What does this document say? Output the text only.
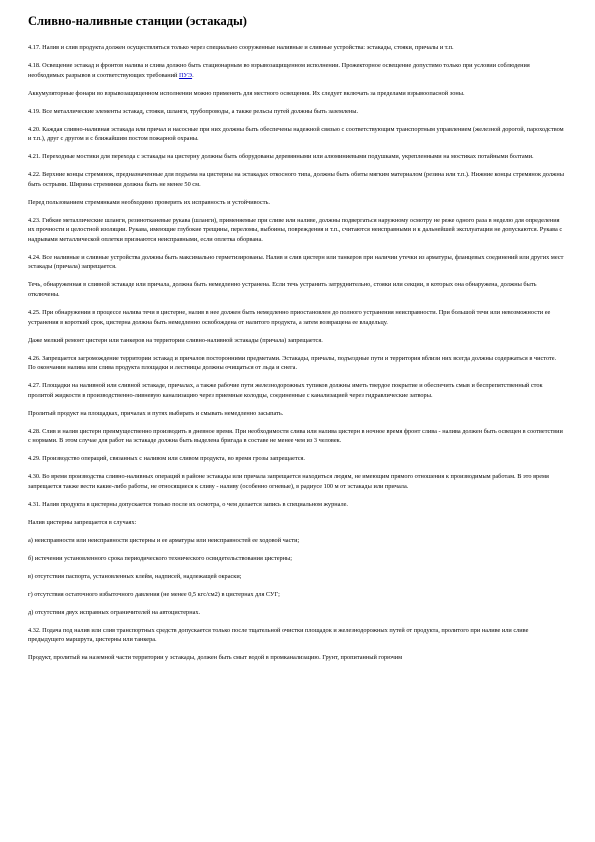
Сливно-наливные станции (эстакады)

4.17. Налив и слив продукта должен осуществляться только через специально сооруженные наливные и сливные устройства: эстакады, стояки, причалы и т.п.

4.18. Освещение эстакад и фронтов налива и слива должно быть стационарным во взрывозащищенном исполнении. Прожекторное освещение допустимо только при условии соблюдения необходимых разрывов и соответствующих требований ПУЭ.

Аккумуляторные фонари во взрывозащищенном исполнении можно применять для местного освещения. Их следует включать за пределами взрывоопасной зоны.

4.19. Все металлические элементы эстакад, стояки, шланги, трубопроводы, а также рельсы путей должны быть заземлены.

4.20. Каждая сливно-наливная эстакада или причал и насосные при них должны быть обеспечены надежной связью с соответствующим транспортным управлением (железной дорогой, пароходством и т.п.), друг с другом и с ближайшим постом пожарной охраны.

4.21. Переходные мостики для перехода с эстакады на цистерну должны быть оборудованы деревянными или алюминиевыми подушками, укрепленными на мостиках потайными болтами.

4.22. Верхние концы стремянок, предназначенные для подъема на цистерны на эстакадах откосного типа, должны быть обиты мягким материалом (резина или т.п.). Нижние концы стремянок должны быть острыми. Ширина стремянки должна быть не менее 50 см.

Перед пользованием стремянками необходимо проверить их исправность и устойчивость.

4.23. Гибкие металлические шланги, резинотканевые рукава (шланги), применяемые при сливе или наливе, должны подвергаться наружному осмотру не реже одного раза в неделю для определения их прочности и целостной изоляции. Рукава, имеющие глубокие трещины, переломы, выбоины, повреждения и т.п., считаются неисправными и к дальнейшей эксплуатации не допускаются. Рукава с надрывами металлической оплетки признаются неисправными, если оплетка оборвана.

4.24. Все наливные и сливные устройства должны быть максимально герметизированы. Налив и слив цистерн или танкеров при наличии утечки из арматуры, фланцевых соединений или других мест эстакады (причала) запрещается.

Течь, обнаруженная в сливной эстакаде или причала, должна быть немедленно устранена. Если течь устранить затруднительно, стояки или секции, в которых она обнаружена, должны быть отключены.

4.25. При обнаружении в процессе налива течи в цистерне, налив в нее должен быть немедленно приостановлен до полного устранения неисправности. При большой течи или невозможности ее устранения в короткий срок, цистерна должна быть немедленно освобождена от налитого продукта, а затем возвращена ее владельцу.

Даже мелкий ремонт цистерн или танкеров на территории сливно-наливной эстакады (причала) запрещается.

4.26. Запрещается загромождение территории эстакад и причалов посторонними предметами. Эстакады, причалы, подъездные пути и территория вблизи них всегда должны содержаться в чистоте. По окончании налива или слива продукта площадки и лестницы должны очищаться от льда и снега.

4.27. Площадки на наливной или сливной эстакаде, причалах, а также рабочие пути железнодорожных тупиков должны иметь твердое покрытие и обеспечить смыв и беспрепятственный сток пролитой жидкости в производственно-ливневую канализацию через приемные колодцы, соединенные с канализацией через гидравлические затворы.

Пролитый продукт на площадках, причалах и путях выбирать и смывать немедленно засыпать.

4.28. Слив и налив цистерн преимущественно производить в дневное время. При необходимости слива или налива цистерн в ночное время фронт слива - налива должен быть освещен в соответствии с нормами. В этом случае для работ на эстакаде должна быть выделена бригада в составе не менее чем из 3 человек.

4.29. Производство операций, связанных с наливом или сливом продукта, во время грозы запрещается.

4.30. Во время производства сливно-наливных операций в районе эстакады или причала запрещается находиться людям, не имеющим прямого отношения к производимым работам. В это время запрещается также вести какие-либо работы, не относящиеся к сливу - наливу (особенно огневые), в радиусе 100 м от эстакады или причала.

4.31. Налив продукта в цистерны допускается только после их осмотра, о чем делается запись в специальном журнале.

Налив цистерны запрещается в случаях:

а) неисправности или неисправности цистерны и ее арматуры или неисправностей ее ходовой части;

б) истечении установленного срока периодического технического освидетельствования цистерны;

в) отсутствия паспорта, установленных клейм, надписей, надлежащей окраски;

г) отсутствия остаточного избыточного давления (не менее 0,5 кгс/см2) в цистернах для СУГ;

д) отсутствия двух исправных ограничителей на автоцистернах.

4.32. Подача под налив или слив транспортных средств допускается только после тщательной очистки площадок и железнодорожных путей от продукта, пролитого при наливе или сливе предыдущего маршрута, цистерны или танкера.

Продукт, пролитый на наземной части территории у эстакады, должен быть смыт водой в промканализацию. Грунт, пропитанный горючим
